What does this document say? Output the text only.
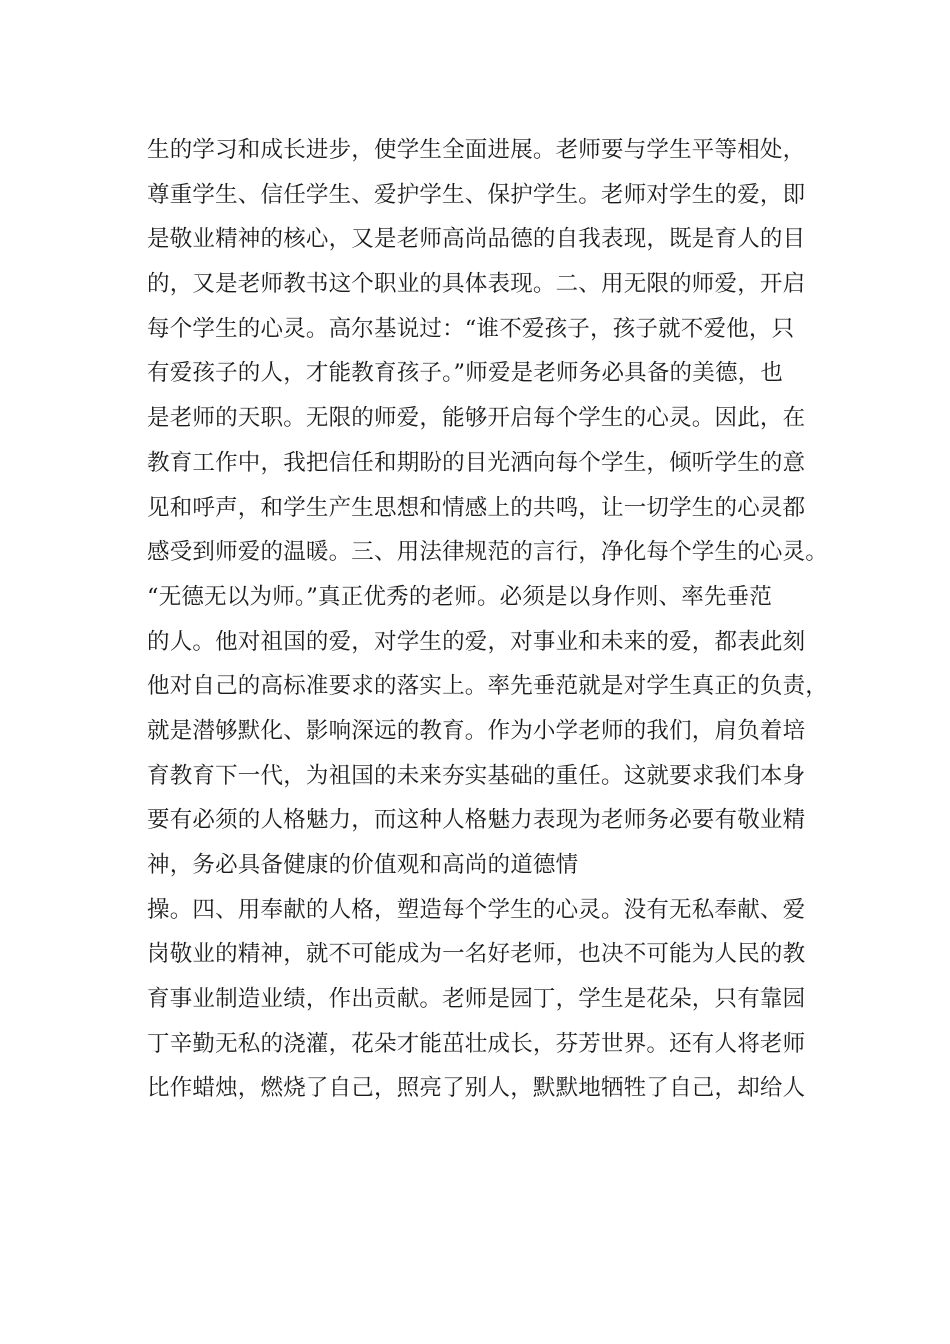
生的学习和成长进步，使学生全面进展。老师要与学生平等相处，
尊重学生、信任学生、爱护学生、保护学生。老师对学生的爱，即
是敬业精神的核心，又是老师高尚品德的自我表现，既是育人的目
的，又是老师教书这个职业的具体表现。二、用无限的师爱，开启
每个学生的心灵。高尔基说过：“谁不爱孩子，孩子就不爱他，只
有爱孩子的人，才能教育孩子。”师爱是老师务必具备的美德，也
是老师的天职。无限的师爱，能够开启每个学生的心灵。因此，在
教育工作中，我把信任和期盼的目光洒向每个学生，倾听学生的意
见和呼声，和学生产生思想和情感上的共鸣，让一切学生的心灵都
感受到师爱的温暖。三、用法律规范的言行，净化每个学生的心灵。
“无德无以为师。”真正优秀的老师。必须是以身作则、率先垂范
的人。他对祖国的爱，对学生的爱，对事业和未来的爱，都表此刻
他对自己的高标准要求的落实上。率先垂范就是对学生真正的负责，
就是潜够默化、影响深远的教育。作为小学老师的我们，肩负着培
育教育下一代，为祖国的未来夯实基础的重任。这就要求我们本身
要有必须的人格魅力，而这种人格魅力表现为老师务必要有敬业精
神，务必具备健康的价值观和高尚的道德情
操。四、用奉献的人格，塑造每个学生的心灵。没有无私奉献、爱
岗敬业的精神，就不可能成为一名好老师，也决不可能为人民的教
育事业制造业绩，作出贡献。老师是园丁，学生是花朵，只有靠园
丁辛勤无私的浇灌，花朵才能茁壮成长，芬芳世界。还有人将老师
比作蜡烛，燃烧了自己，照亮了别人，默默地牺牲了自己，却给人
